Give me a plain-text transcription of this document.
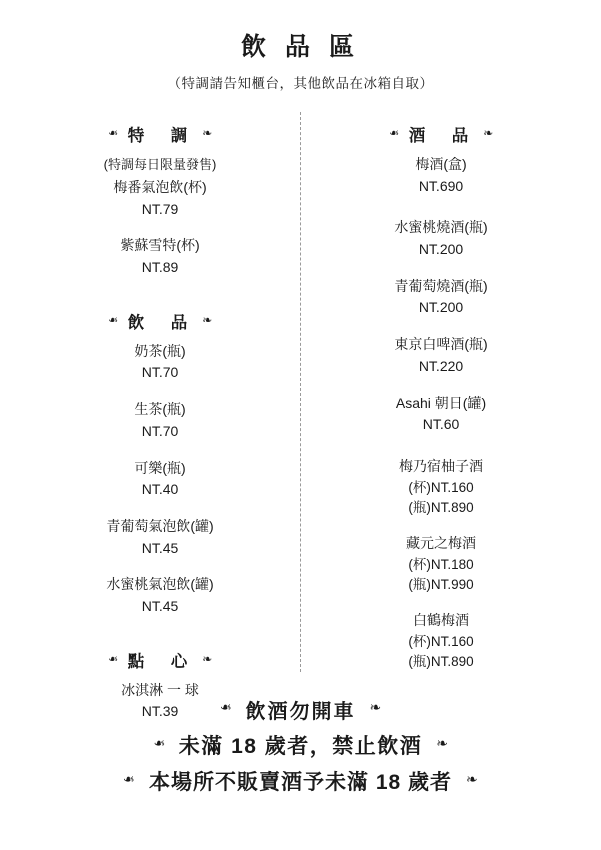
飲 品 區
（特調請告知櫃台，其他飲品在冰箱自取）
❧ 特　調 ❧
(特調每日限量發售)
梅番氣泡飲(杯)
NT.79
紫蘇雪特(杯)
NT.89
❧ 飲　品 ❧
奶茶(瓶)
NT.70
生茶(瓶)
NT.70
可樂(瓶)
NT.40
青葡萄氣泡飲(罐)
NT.45
水蜜桃氣泡飲(罐)
NT.45
❧ 點　心 ❧
冰淇淋 一 球
NT.39
❧ 酒　品 ❧
梅酒(盒)
NT.690
水蜜桃燒酒(瓶)
NT.200
青葡萄燒酒(瓶)
NT.200
東京白啤酒(瓶)
NT.220
Asahi 朝日(罐)
NT.60
梅乃宿柚子酒
(杯)NT.160
(瓶)NT.890
藏元之梅酒
(杯)NT.180
(瓶)NT.990
白鶴梅酒
(杯)NT.160
(瓶)NT.890
❧ 飲酒勿開車 ❧
❧ 未滿 18 歲者，禁止飲酒 ❧
❧ 本場所不販賣酒予未滿 18 歲者 ❧
